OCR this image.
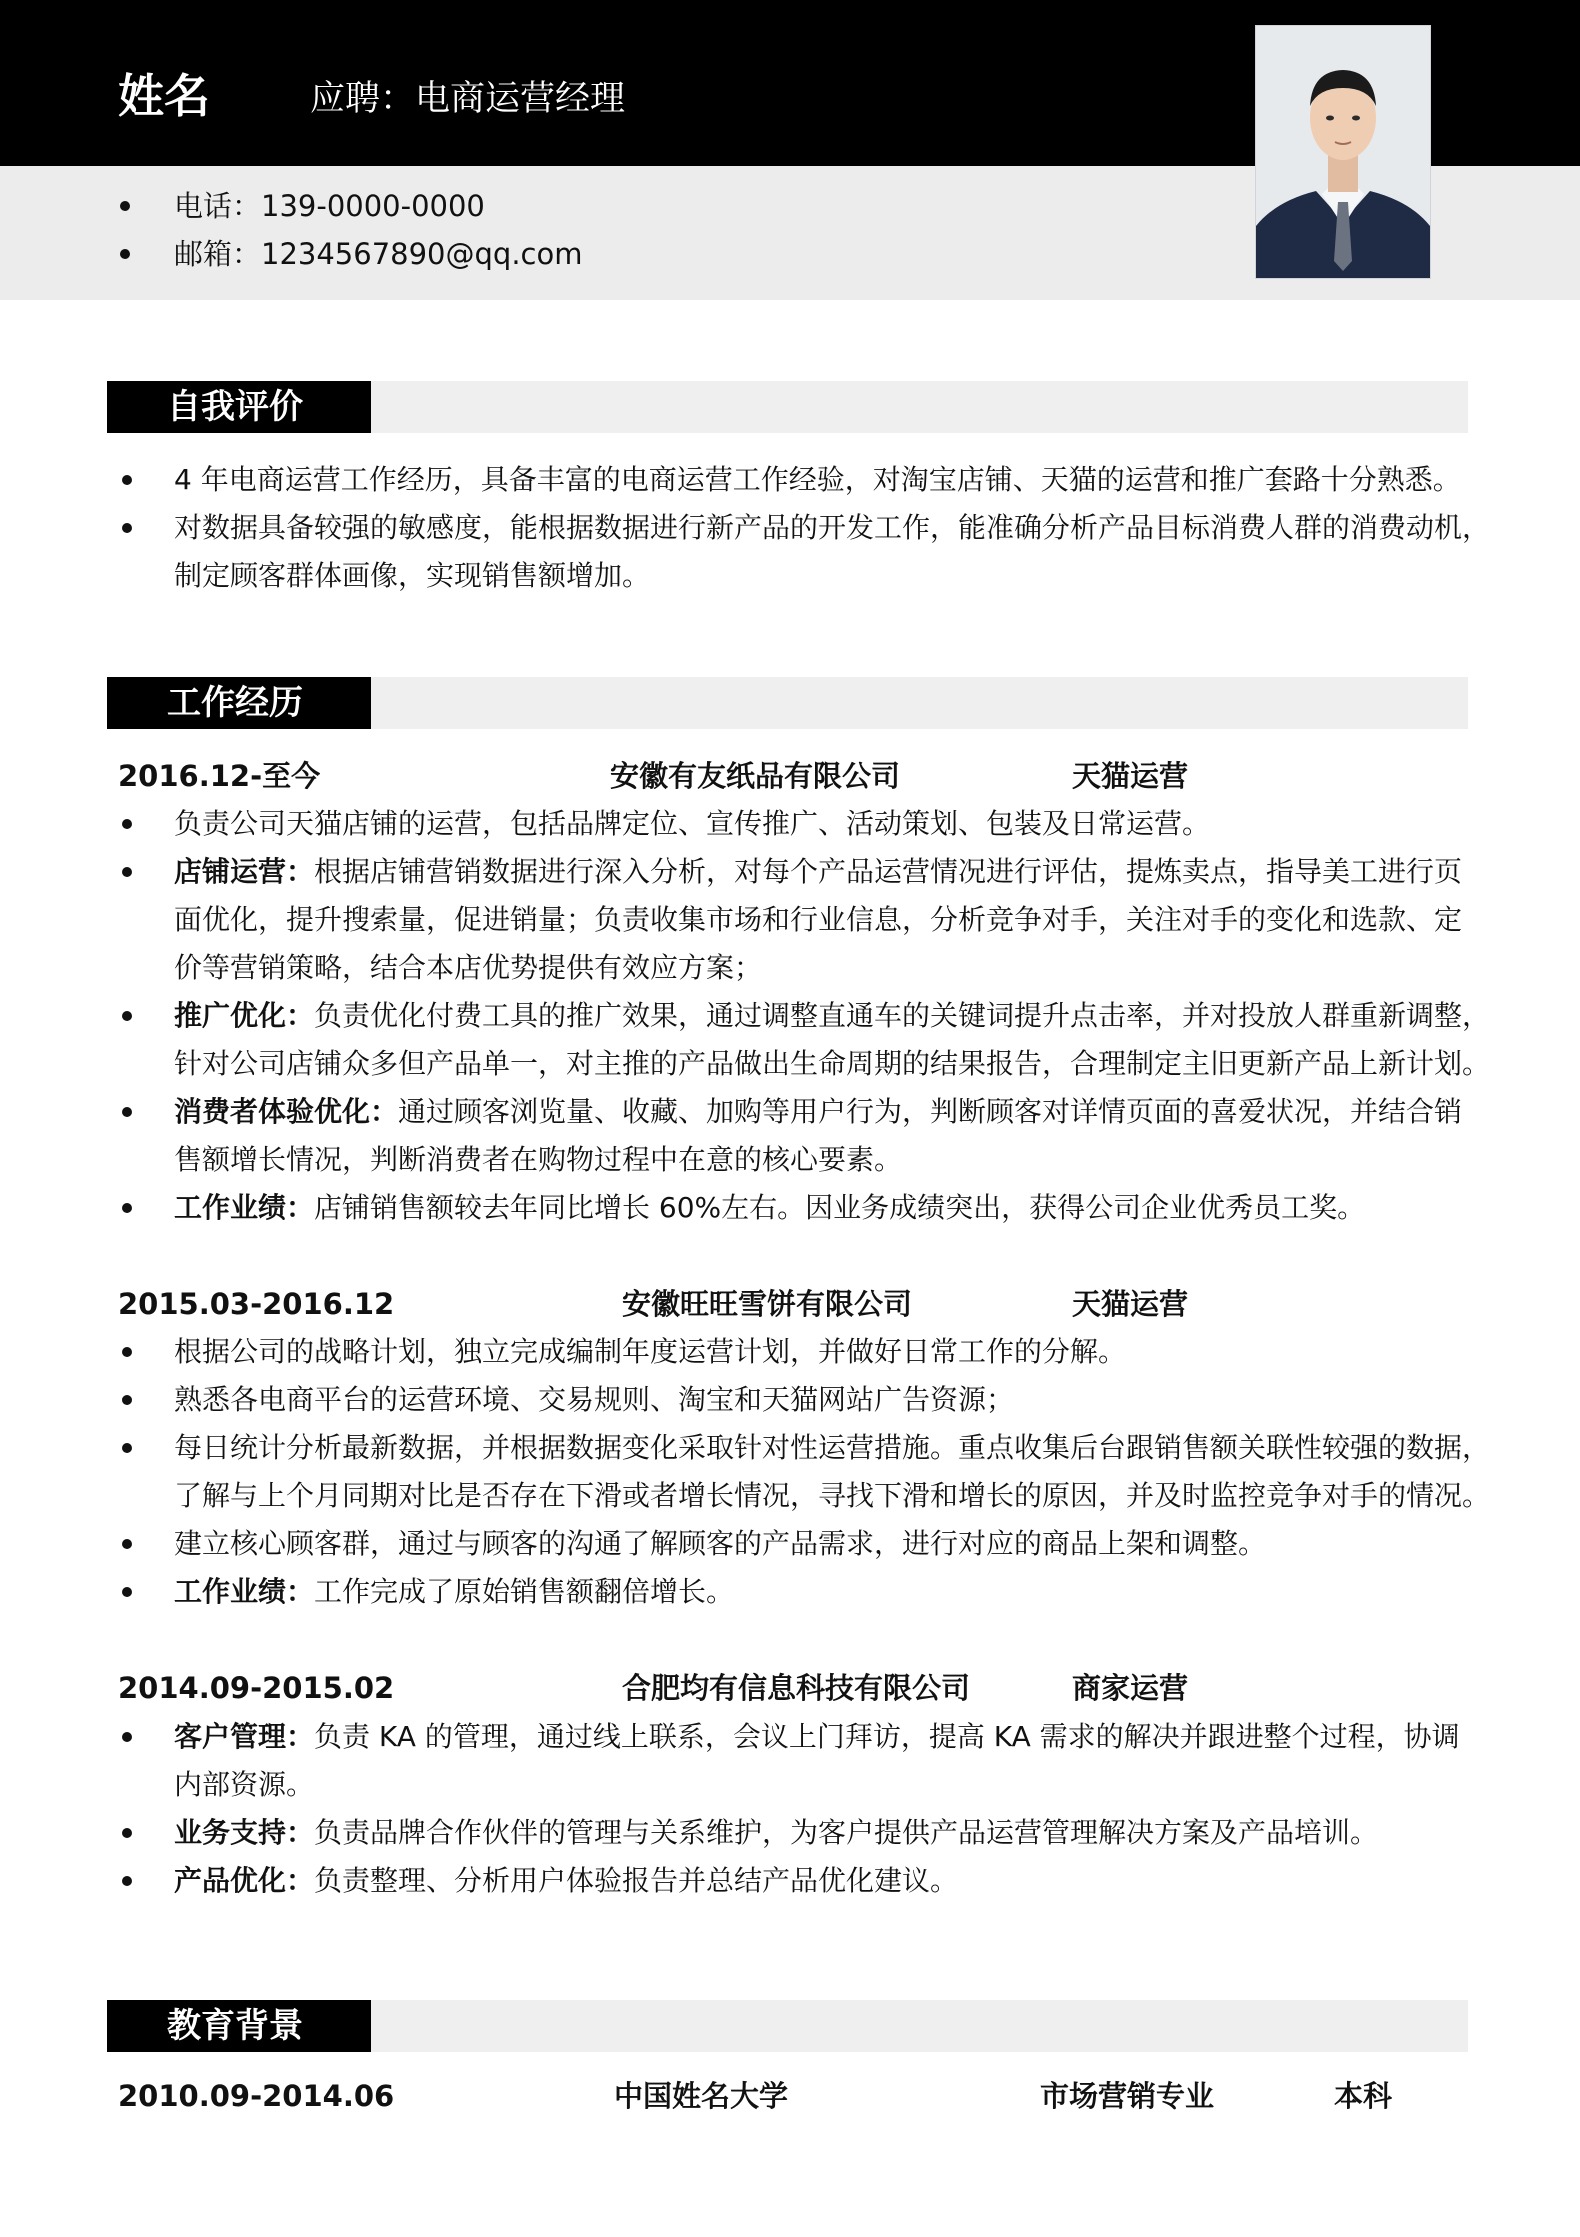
姓名	应聘：电商运营经理
电话：139-0000-0000
邮箱：1234567890@qq.com
自我评价
4 年电商运营工作经历，具备丰富的电商运营工作经验，对淘宝店铺、天猫的运营和推广套路十分熟悉。
对数据具备较强的敏感度，能根据数据进行新产品的开发工作，能准确分析产品目标消费人群的消费动机，
制定顾客群体画像，实现销售额增加。
工作经历
2016.12-至今	安徽有友纸品有限公司	天猫运营
负责公司天猫店铺的运营，包括品牌定位、宣传推广、活动策划、包装及日常运营。
店铺运营：根据店铺营销数据进行深入分析，对每个产品运营情况进行评估，提炼卖点，指导美工进行页
面优化，提升搜索量，促进销量；负责收集市场和行业信息，分析竞争对手，关注对手的变化和选款、定
价等营销策略，结合本店优势提供有效应方案；
推广优化：负责优化付费工具的推广效果，通过调整直通车的关键词提升点击率，并对投放人群重新调整，
针对公司店铺众多但产品单一，对主推的产品做出生命周期的结果报告，合理制定主旧更新产品上新计划。
消费者体验优化：通过顾客浏览量、收藏、加购等用户行为，判断顾客对详情页面的喜爱状况，并结合销
售额增长情况，判断消费者在购物过程中在意的核心要素。
工作业绩：店铺销售额较去年同比增长 60%左右。因业务成绩突出，获得公司企业优秀员工奖。
2015.03-2016.12	安徽旺旺雪饼有限公司	天猫运营
根据公司的战略计划，独立完成编制年度运营计划，并做好日常工作的分解。
熟悉各电商平台的运营环境、交易规则、淘宝和天猫网站广告资源；
每日统计分析最新数据，并根据数据变化采取针对性运营措施。重点收集后台跟销售额关联性较强的数据，
了解与上个月同期对比是否存在下滑或者增长情况，寻找下滑和增长的原因，并及时监控竞争对手的情况。
建立核心顾客群，通过与顾客的沟通了解顾客的产品需求，进行对应的商品上架和调整。
工作业绩：工作完成了原始销售额翻倍增长。
2014.09-2015.02	合肥均有信息科技有限公司	商家运营
客户管理：负责 KA 的管理，通过线上联系，会议上门拜访，提高 KA 需求的解决并跟进整个过程，协调
内部资源。
业务支持：负责品牌合作伙伴的管理与关系维护，为客户提供产品运营管理解决方案及产品培训。
产品优化：负责整理、分析用户体验报告并总结产品优化建议。
教育背景
2010.09-2014.06	中国姓名大学	市场营销专业	本科
